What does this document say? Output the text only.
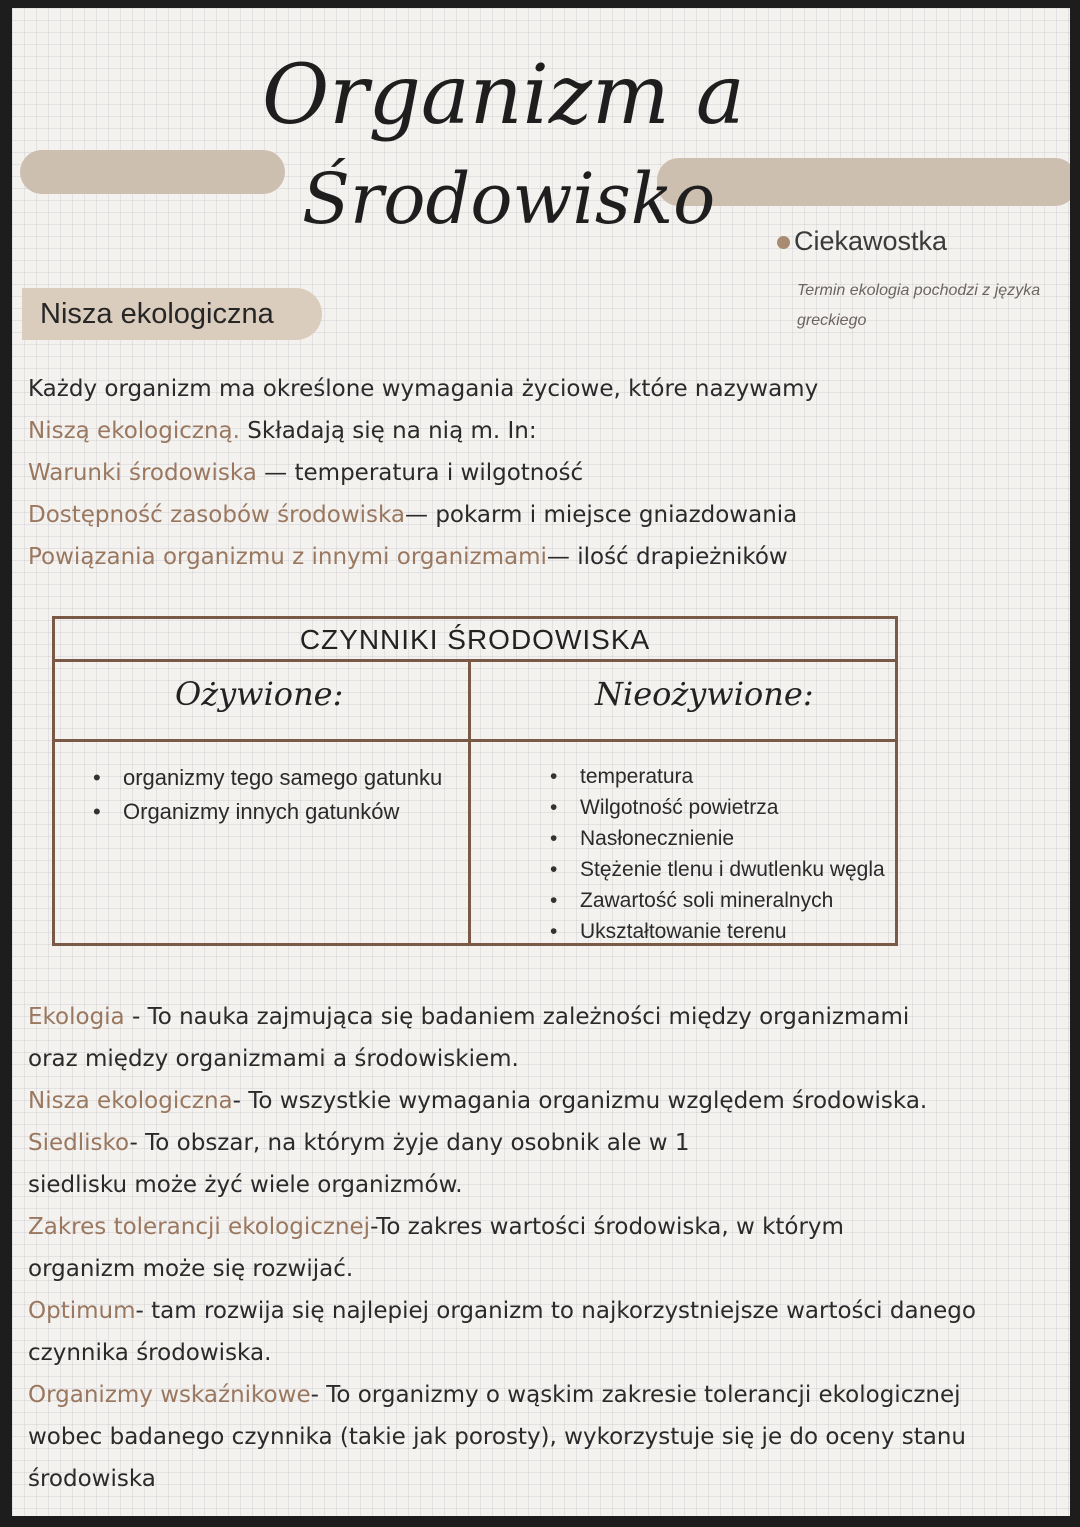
Organizm a
Środowisko
Ciekawostka
Termin ekologia pochodzi z języka greckiego
Nisza ekologiczna
Każdy organizm ma określone wymagania życiowe, które nazywamy
Niszą ekologiczną. Składają się na nią m. In:
Warunki środowiska — temperatura i wilgotność
Dostępność zasobów środowiska— pokarm i miejsce gniazdowania
Powiązania organizmu z innymi organizmami— ilość drapieżników
CZYNNIKI ŚRODOWISKA
Ożywione:	Nieożywione:
• organizmy tego samego gatunku
• Organizmy innych gatunków
• temperatura
• Wilgotność powietrza
• Nasłonecznienie
• Stężenie tlenu i dwutlenku węgla
• Zawartość soli mineralnych
• Ukształtowanie terenu
Ekologia - To nauka zajmująca się badaniem zależności między organizmami
oraz między organizmami a środowiskiem.
Nisza ekologiczna- To wszystkie wymagania organizmu względem środowiska.
Siedlisko- To obszar, na którym żyje dany osobnik ale w 1
siedlisku może żyć wiele organizmów.
Zakres tolerancji ekologicznej-To zakres wartości środowiska, w którym
organizm może się rozwijać.
Optimum- tam rozwija się najlepiej organizm to najkorzystniejsze wartości danego
czynnika środowiska.
Organizmy wskaźnikowe- To organizmy o wąskim zakresie tolerancji ekologicznej
wobec badanego czynnika (takie jak porosty), wykorzystuje się je do oceny stanu
środowiska
